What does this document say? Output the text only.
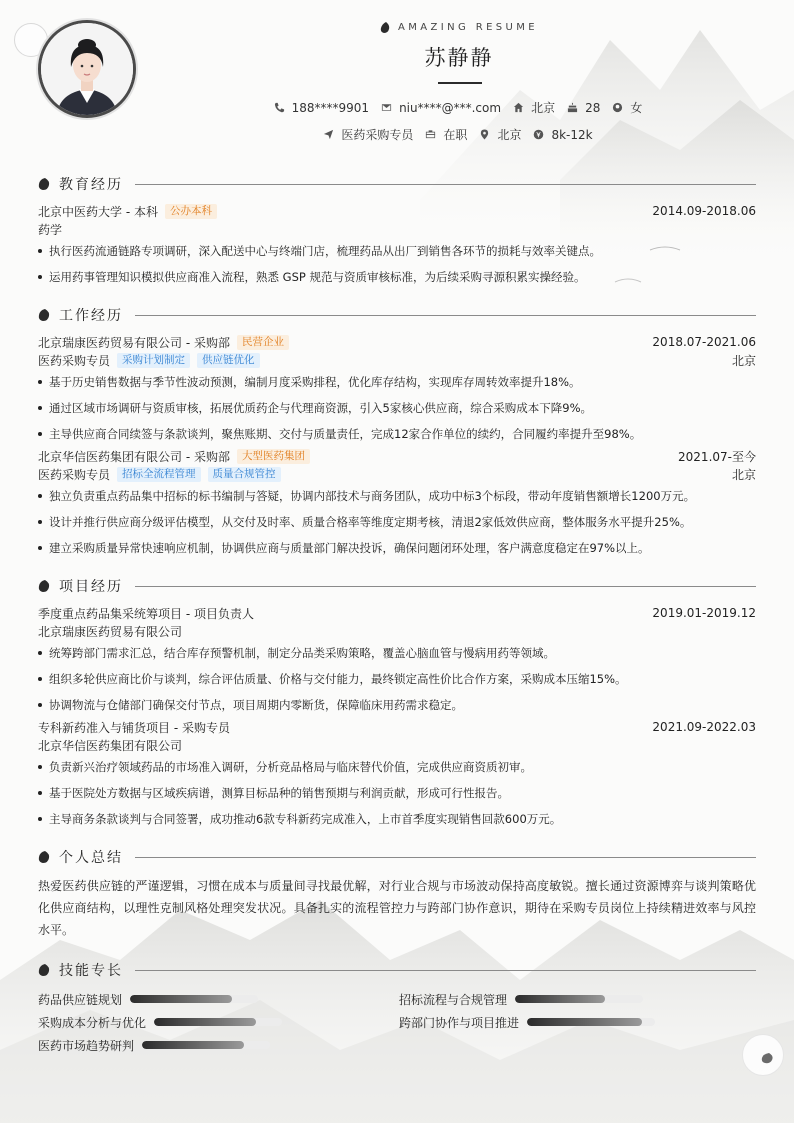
AMAZING RESUME
苏静静
188****9901	niu****@***.com	北京	28	女
医药采购专员	在职	北京	8k-12k
教育经历
北京中医药大学 - 本科	公办本科	2014.09-2018.06
药学
执行医药流通链路专项调研，深入配送中心与终端门店，梳理药品从出厂到销售各环节的损耗与效率关键点。
运用药事管理知识模拟供应商准入流程，熟悉 GSP 规范与资质审核标准，为后续采购寻源积累实操经验。
工作经历
北京瑞康医药贸易有限公司 - 采购部	民营企业	2018.07-2021.06
医药采购专员	采购计划制定	供应链优化	北京
基于历史销售数据与季节性波动预测，编制月度采购排程，优化库存结构，实现库存周转效率提升18%。
通过区域市场调研与资质审核，拓展优质药企与代理商资源，引入5家核心供应商，综合采购成本下降9%。
主导供应商合同续签与条款谈判，聚焦账期、交付与质量责任，完成12家合作单位的续约，合同履约率提升至98%。
北京华信医药集团有限公司 - 采购部	大型医药集团	2021.07-至今
医药采购专员	招标全流程管理	质量合规管控	北京
独立负责重点药品集中招标的标书编制与答疑，协调内部技术与商务团队，成功中标3个标段，带动年度销售额增长1200万元。
设计并推行供应商分级评估模型，从交付及时率、质量合格率等维度定期考核，清退2家低效供应商，整体服务水平提升25%。
建立采购质量异常快速响应机制，协调供应商与质量部门解决投诉，确保问题闭环处理，客户满意度稳定在97%以上。
项目经历
季度重点药品集采统筹项目 - 项目负责人	2019.01-2019.12
北京瑞康医药贸易有限公司
统筹跨部门需求汇总，结合库存预警机制，制定分品类采购策略，覆盖心脑血管与慢病用药等领域。
组织多轮供应商比价与谈判，综合评估质量、价格与交付能力，最终锁定高性价比合作方案，采购成本压缩15%。
协调物流与仓储部门确保交付节点，项目周期内零断货，保障临床用药需求稳定。
专科新药准入与铺货项目 - 采购专员	2021.09-2022.03
北京华信医药集团有限公司
负责新兴治疗领域药品的市场准入调研，分析竞品格局与临床替代价值，完成供应商资质初审。
基于医院处方数据与区域疾病谱，测算目标品种的销售预期与利润贡献，形成可行性报告。
主导商务条款谈判与合同签署，成功推动6款专科新药完成准入，上市首季度实现销售回款600万元。
个人总结

热爱医药供应链的严谨逻辑，习惯在成本与质量间寻找最优解，对行业合规与市场波动保持高度敏锐。擅长通过资源博弈与谈判策略优化供应商结构，以理性克制风格处理突发状况。具备扎实的流程管控力与跨部门协作意识，期待在采购专员岗位上持续精进效率与风控水平。

技能专长
药品供应链规划	招标流程与合规管理
采购成本分析与优化	跨部门协作与项目推进
医药市场趋势研判
